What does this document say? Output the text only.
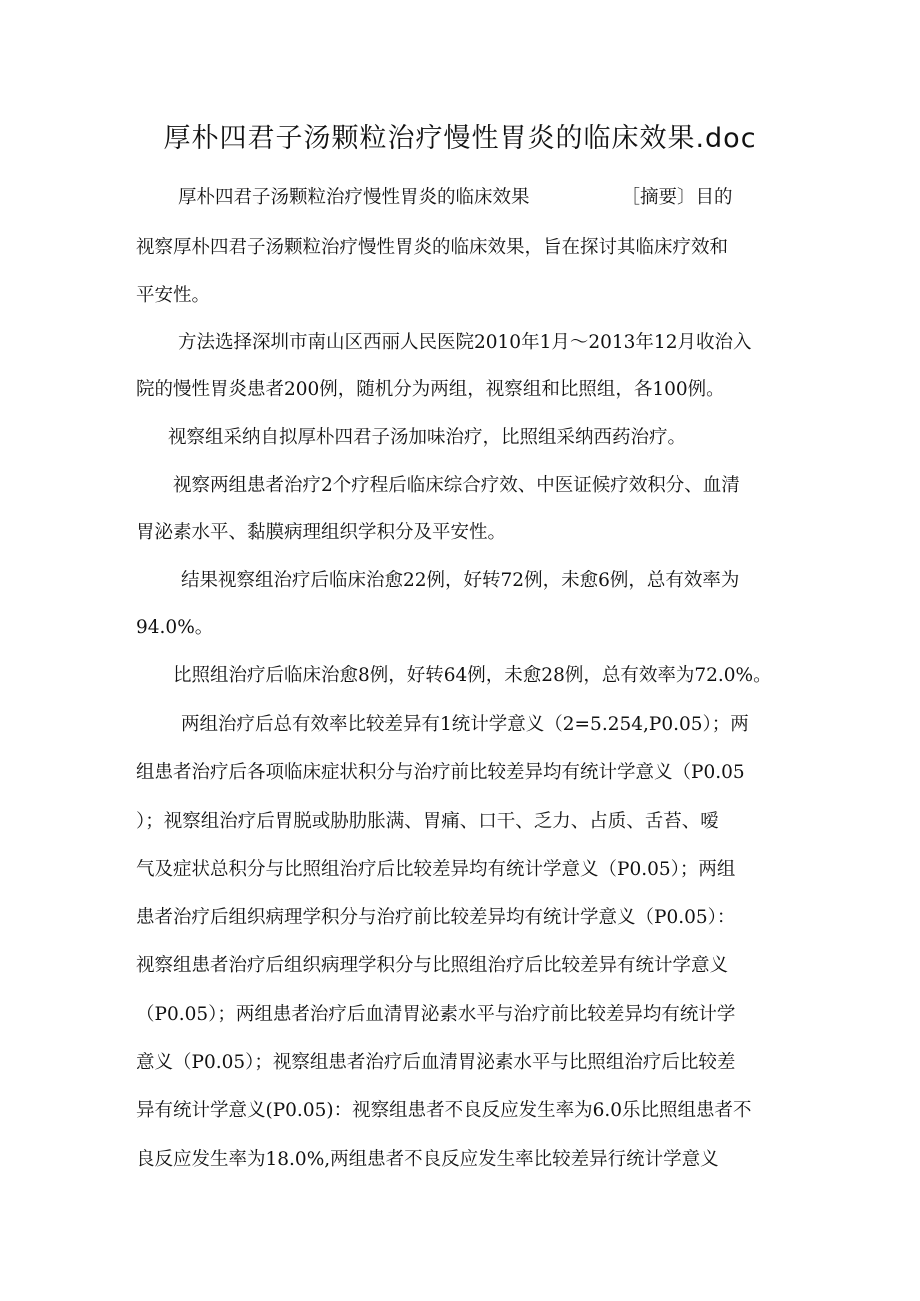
厚朴四君子汤颗粒治疗慢性胃炎的临床效果.doc
厚朴四君子汤颗粒治疗慢性胃炎的临床效果	［摘要〕目的
视察厚朴四君子汤颗粒治疗慢性胃炎的临床效果，旨在探讨其临床疗效和
平安性。
方法选择深圳市南山区西丽人民医院2010年1月～2013年12月收治入
院的慢性胃炎患者200例，随机分为两组，视察组和比照组，各100例。
视察组采纳自拟厚朴四君子汤加味治疗，比照组采纳西药治疗。
视察两组患者治疗2个疗程后临床综合疗效、中医证候疗效积分、血清
胃泌素水平、黏膜病理组织学积分及平安性。
结果视察组治疗后临床治愈22例，好转72例，未愈6例，总有效率为
94.0%。
比照组治疗后临床治愈8例，好转64例，未愈28例，总有效率为72.0%。
两组治疗后总有效率比较差异有1统计学意义（2=5.254,P0.05）；两
组患者治疗后各项临床症状积分与治疗前比较差异均有统计学意义（P0.05
）；视察组治疗后胃脱或胁肋胀满、胃痛、口干、乏力、占质、舌苔、嗳
气及症状总积分与比照组治疗后比较差异均有统计学意义（P0.05）；两组
患者治疗后组织病理学积分与治疗前比较差异均有统计学意义（P0.05）：
视察组患者治疗后组织病理学积分与比照组治疗后比较差异有统计学意义
（P0.05）；两组患者治疗后血清胃泌素水平与治疗前比较差异均有统计学
意义（P0.05）；视察组患者治疗后血清胃泌素水平与比照组治疗后比较差
异有统计学意义(P0.05)：视察组患者不良反应发生率为6.0乐比照组患者不
良反应发生率为18.0%,两组患者不良反应发生率比较差异行统计学意义
